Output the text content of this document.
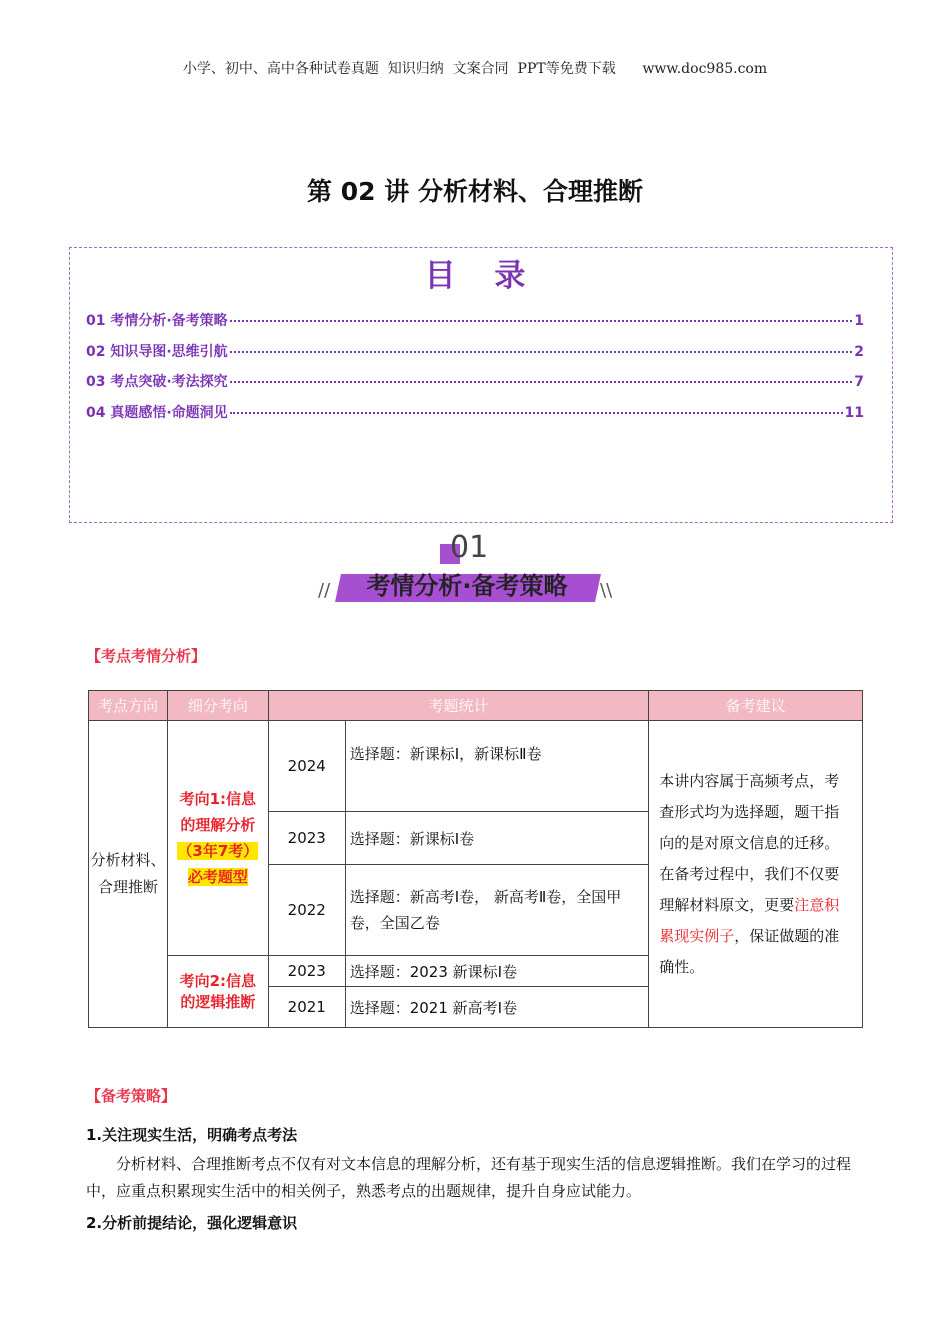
小学、初中、高中各种试卷真题  知识归纳  文案合同  PPT等免费下载      www.doc985.com
第 02 讲 分析材料、合理推断
目 录
01 考情分析·备考策略	1
02 知识导图·思维引航	2
03 考点突破·考法探究	7
04 真题感悟·命题洞见	11
01
考情分析·备考策略
//	\\
【考点考情分析】
考点方向	细分考向	考题统计		备考建议
分析材料、合理推断	考向1:信息
的理解分析
（3年7考）
必考题型	2024	选择题：新课标Ⅰ，新课标Ⅱ卷	本讲内容属于高频考点，考查形式均为选择题，题干指向的是对原文信息的迁移。在备考过程中，我们不仅要理解材料原文，更要注意积累现实例子，保证做题的准确性。

		2023	选择题：新课标Ⅰ卷	
		2022	选择题：新高考Ⅰ卷， 新高考Ⅱ卷，全国甲卷，全国乙卷	

	考向2:信息
的逻辑推断	2023	选择题：2023 新课标Ⅰ卷	
		2021	选择题：2021 新高考Ⅰ卷	
【备考策略】
1.关注现实生活，明确考点考法
分析材料、合理推断考点不仅有对文本信息的理解分析，还有基于现实生活的信息逻辑推断。我们在学习的过程中，应重点积累现实生活中的相关例子，熟悉考点的出题规律，提升自身应试能力。
2.分析前提结论，强化逻辑意识
